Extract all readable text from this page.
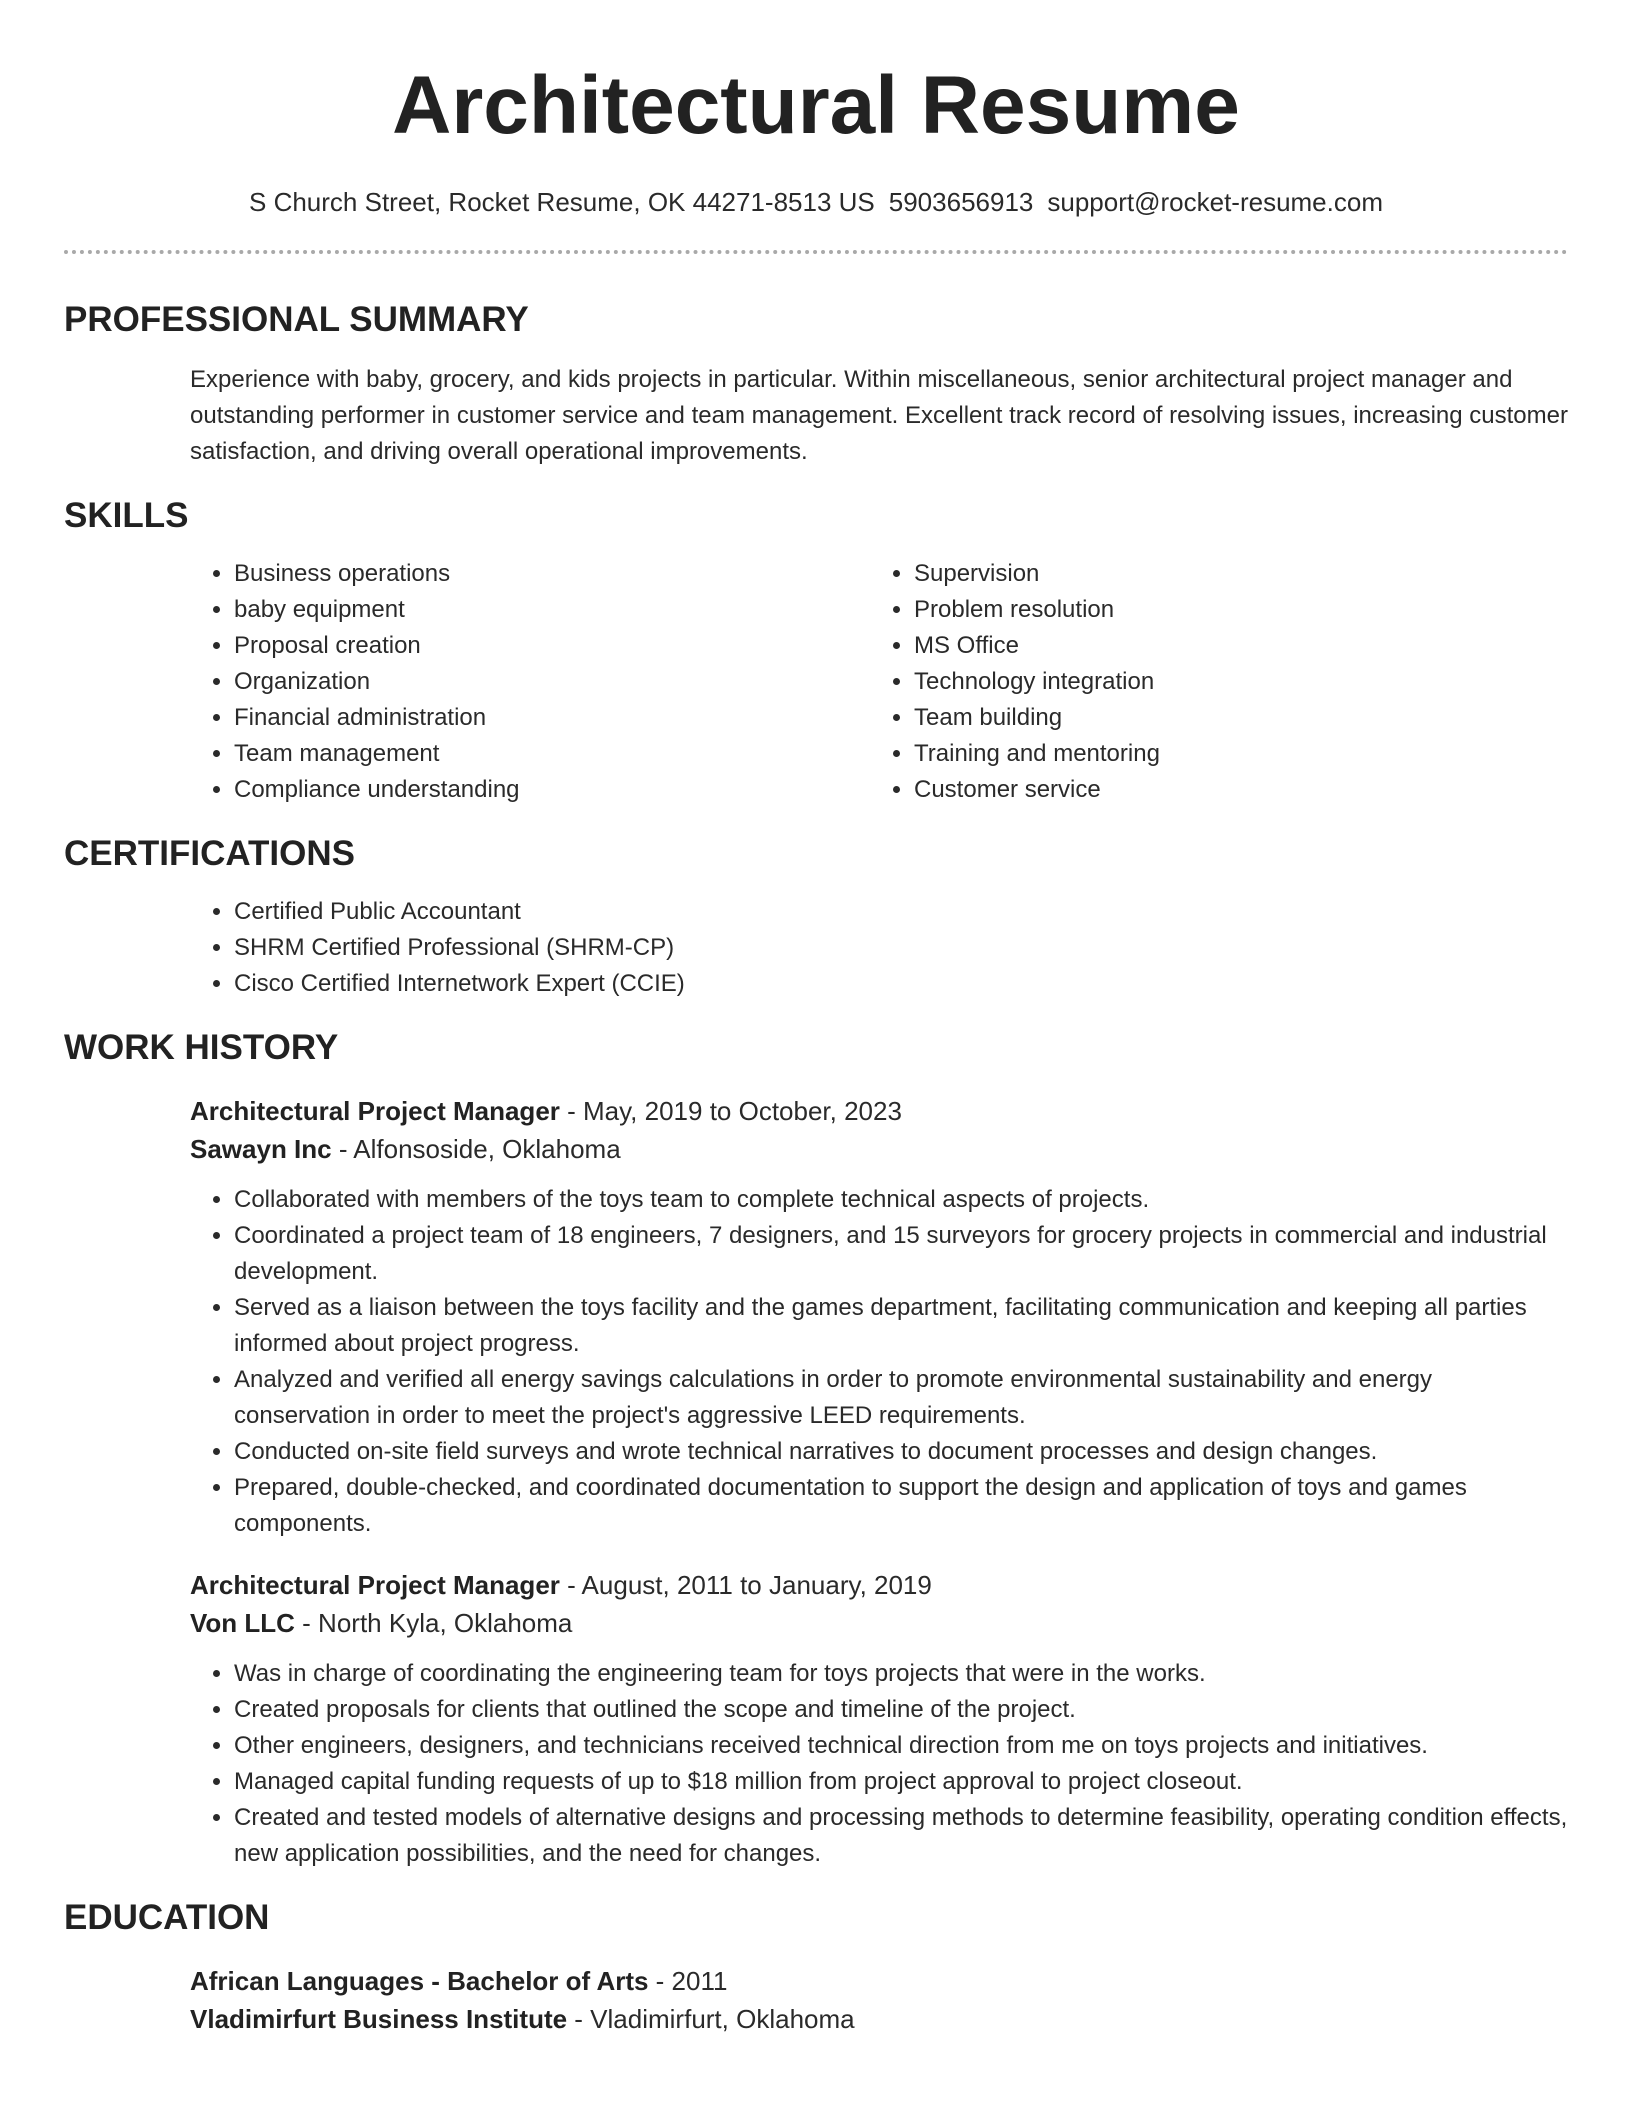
Architectural Resume
S Church Street, Rocket Resume, OK 44271-8513 US 5903656913 support@rocket-resume.com
PROFESSIONAL SUMMARY
Experience with baby, grocery, and kids projects in particular. Within miscellaneous, senior architectural project manager and outstanding performer in customer service and team management. Excellent track record of resolving issues, increasing customer satisfaction, and driving overall operational improvements.
SKILLS
• Business operations
• baby equipment
• Proposal creation
• Organization
• Financial administration
• Team management
• Compliance understanding
• Supervision
• Problem resolution
• MS Office
• Technology integration
• Team building
• Training and mentoring
• Customer service
CERTIFICATIONS
• Certified Public Accountant
• SHRM Certified Professional (SHRM-CP)
• Cisco Certified Internetwork Expert (CCIE)
WORK HISTORY
Architectural Project Manager - May, 2019 to October, 2023
Sawayn Inc - Alfonsoside, Oklahoma
• Collaborated with members of the toys team to complete technical aspects of projects.
• Coordinated a project team of 18 engineers, 7 designers, and 15 surveyors for grocery projects in commercial and industrial development.
• Served as a liaison between the toys facility and the games department, facilitating communication and keeping all parties informed about project progress.
• Analyzed and verified all energy savings calculations in order to promote environmental sustainability and energy conservation in order to meet the project's aggressive LEED requirements.
• Conducted on-site field surveys and wrote technical narratives to document processes and design changes.
• Prepared, double-checked, and coordinated documentation to support the design and application of toys and games components.
Architectural Project Manager - August, 2011 to January, 2019
Von LLC - North Kyla, Oklahoma
• Was in charge of coordinating the engineering team for toys projects that were in the works.
• Created proposals for clients that outlined the scope and timeline of the project.
• Other engineers, designers, and technicians received technical direction from me on toys projects and initiatives.
• Managed capital funding requests of up to $18 million from project approval to project closeout.
• Created and tested models of alternative designs and processing methods to determine feasibility, operating condition effects, new application possibilities, and the need for changes.
EDUCATION
African Languages - Bachelor of Arts - 2011
Vladimirfurt Business Institute - Vladimirfurt, Oklahoma
